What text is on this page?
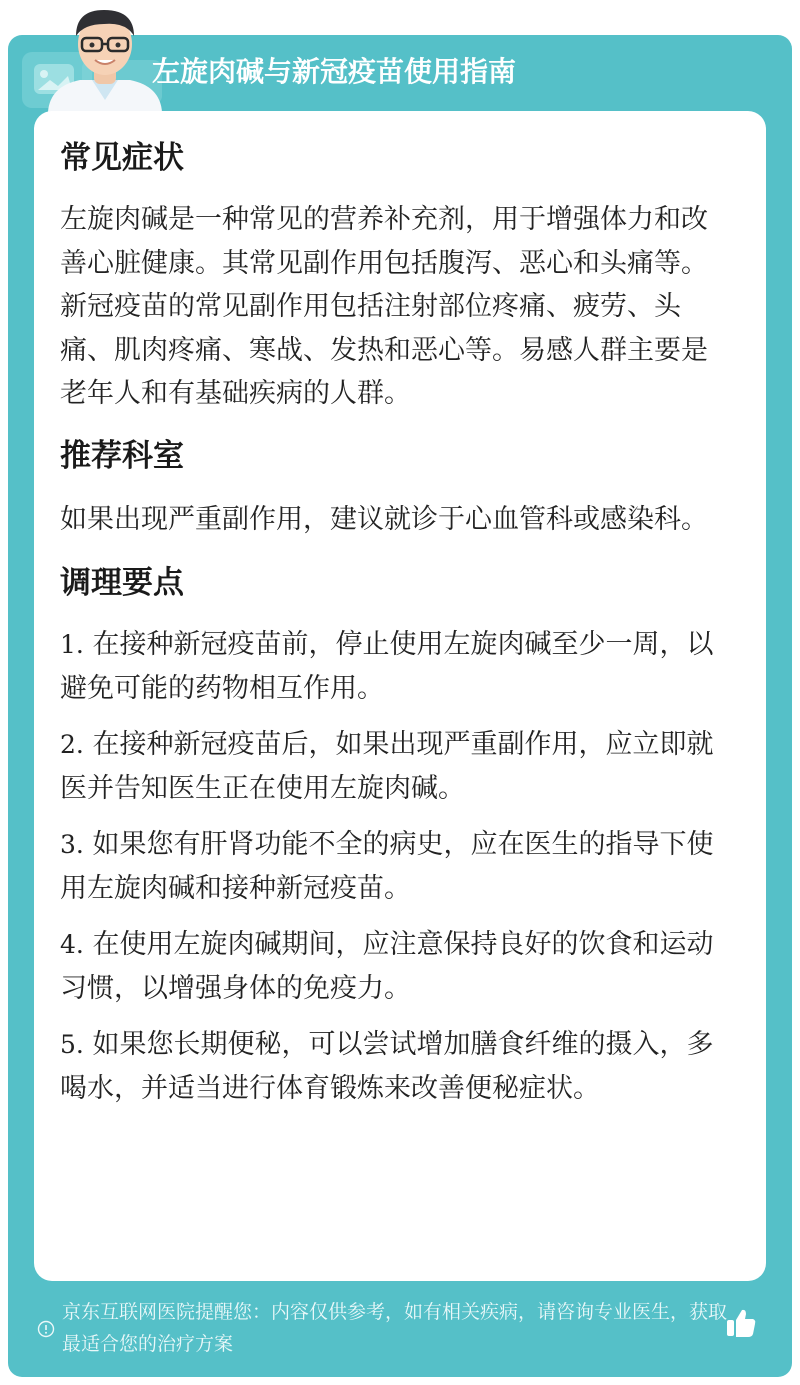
左旋肉碱与新冠疫苗使用指南
常见症状

左旋肉碱是一种常见的营养补充剂，用于增强体力和改善心脏健康。其常见副作用包括腹泻、恶心和头痛等。新冠疫苗的常见副作用包括注射部位疼痛、疲劳、头痛、肌肉疼痛、寒战、发热和恶心等。易感人群主要是老年人和有基础疾病的人群。

推荐科室

如果出现严重副作用，建议就诊于心血管科或感染科。

调理要点
1. 在接种新冠疫苗前，停止使用左旋肉碱至少一周，以避免可能的药物相互作用。
2. 在接种新冠疫苗后，如果出现严重副作用，应立即就医并告知医生正在使用左旋肉碱。
3. 如果您有肝肾功能不全的病史，应在医生的指导下使用左旋肉碱和接种新冠疫苗。
4. 在使用左旋肉碱期间，应注意保持良好的饮食和运动习惯，以增强身体的免疫力。
5. 如果您长期便秘，可以尝试增加膳食纤维的摄入，多喝水，并适当进行体育锻炼来改善便秘症状。
京东互联网医院提醒您：内容仅供参考，如有相关疾病，请咨询专业医生，获取最适合您的治疗方案
